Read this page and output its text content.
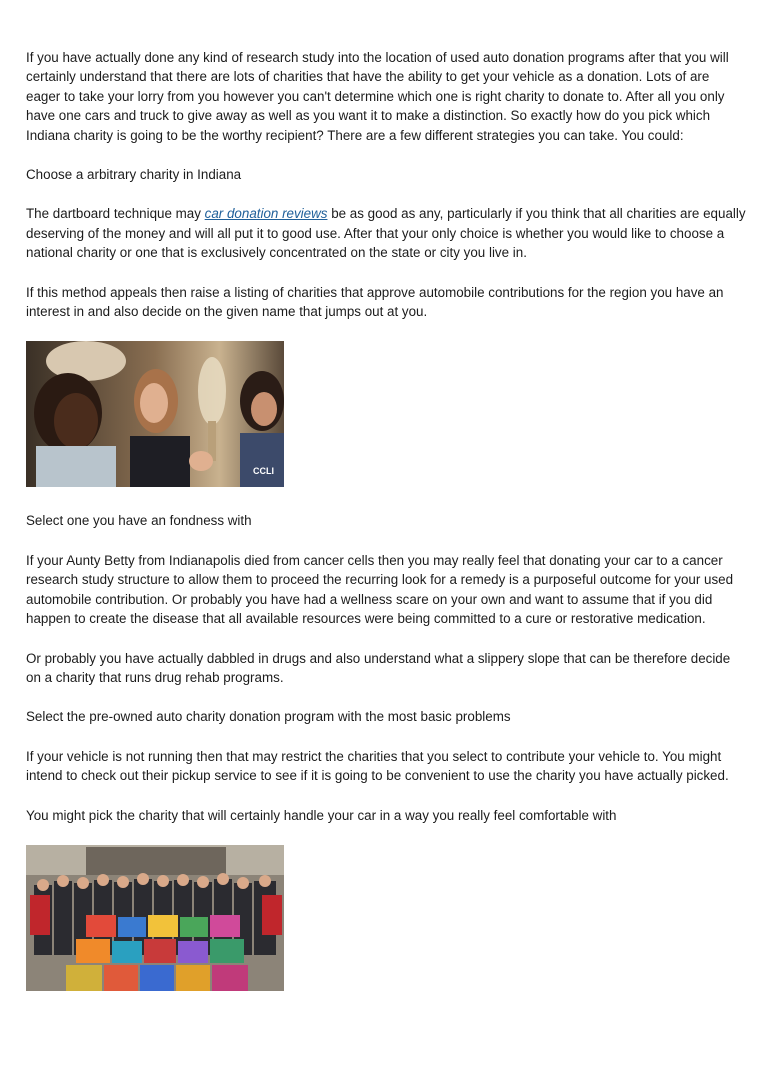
If you have actually done any kind of research study into the location of used auto donation programs after that you will certainly understand that there are lots of charities that have the ability to get your vehicle as a donation. Lots of are eager to take your lorry from you however you can't determine which one is right charity to donate to. After all you only have one cars and truck to give away as well as you want it to make a distinction. So exactly how do you pick which Indiana charity is going to be the worthy recipient? There are a few different strategies you can take. You could:

Choose a arbitrary charity in Indiana

The dartboard technique may car donation reviews be as good as any, particularly if you think that all charities are equally deserving of the money and will all put it to good use. After that your only choice is whether you would like to choose a national charity or one that is exclusively concentrated on the state or city you live in.

If this method appeals then raise a listing of charities that approve automobile contributions for the region you have an interest in and also decide on the given name that jumps out at you.

CCLI

Select one you have an fondness with

If your Aunty Betty from Indianapolis died from cancer cells then you may really feel that donating your car to a cancer research study structure to allow them to proceed the recurring look for a remedy is a purposeful outcome for your used automobile contribution. Or probably you have had a wellness scare on your own and want to assume that if you did happen to create the disease that all available resources were being committed to a cure or restorative medication.

Or probably you have actually dabbled in drugs and also understand what a slippery slope that can be therefore decide on a charity that runs drug rehab programs.

Select the pre-owned auto charity donation program with the most basic problems

If your vehicle is not running then that may restrict the charities that you select to contribute your vehicle to. You might intend to check out their pickup service to see if it is going to be convenient to use the charity you have actually picked.

You might pick the charity that will certainly handle your car in a way you really feel comfortable with
